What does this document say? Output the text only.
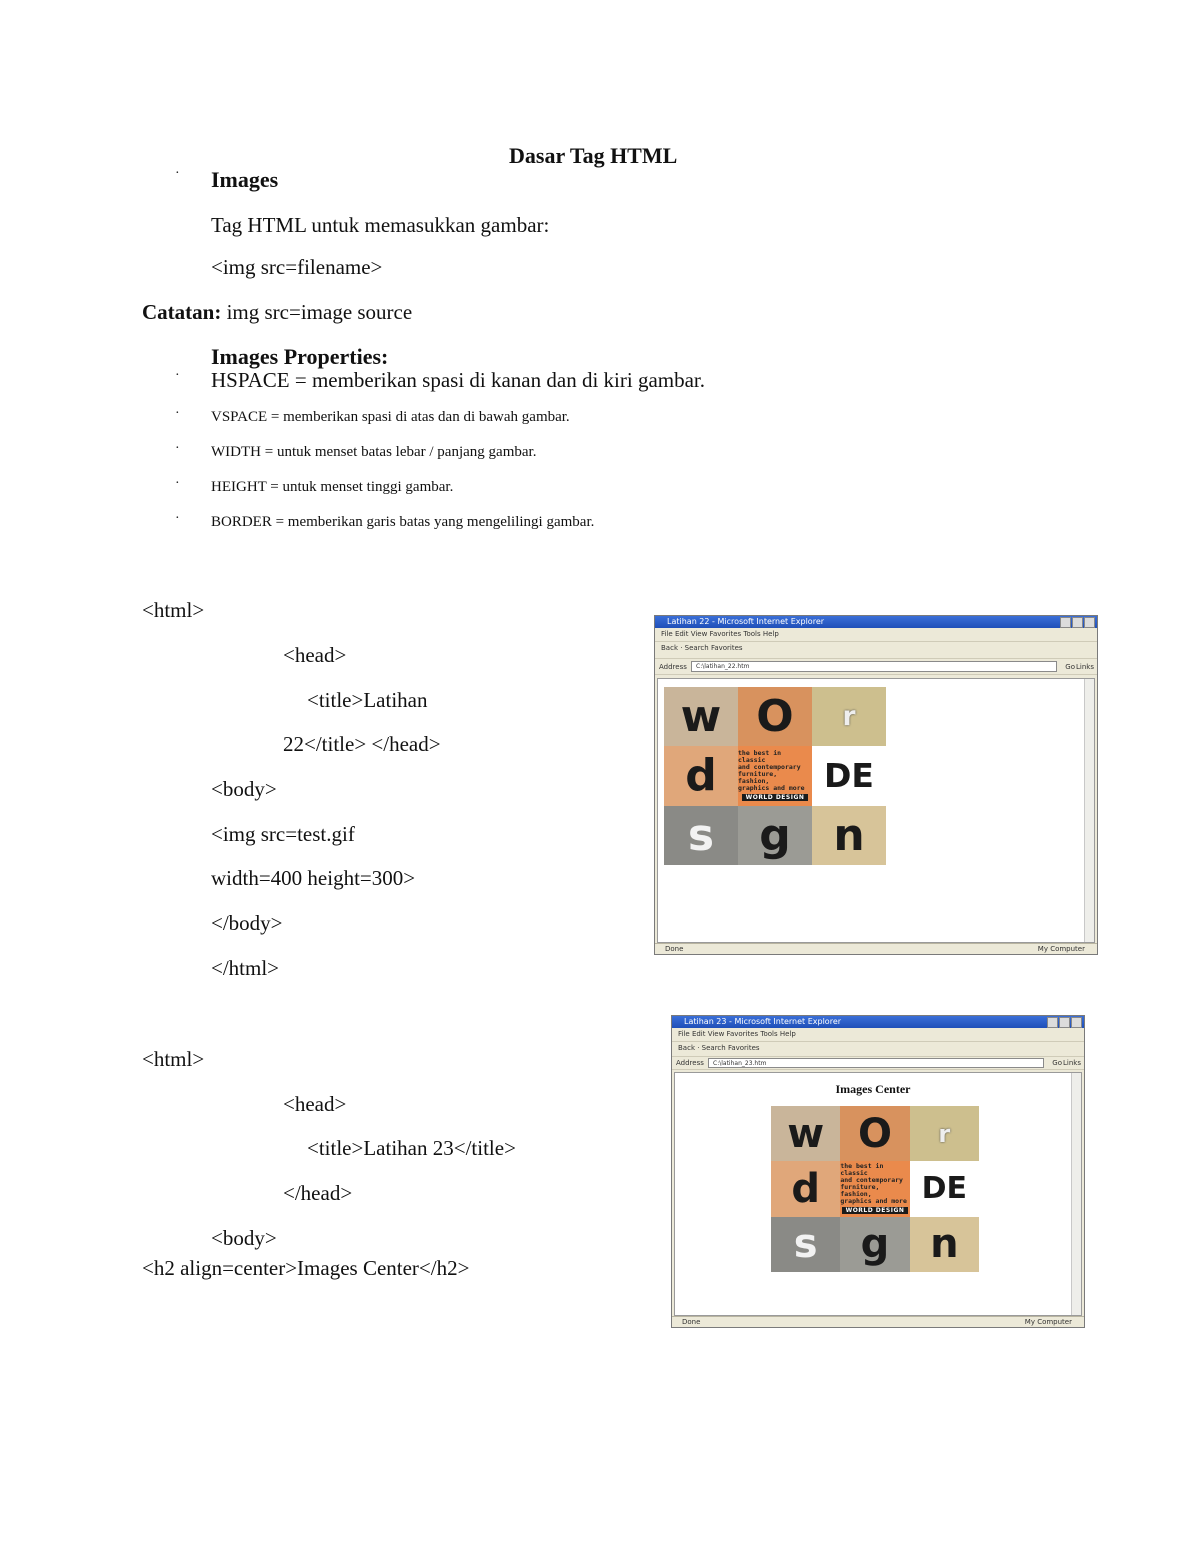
Dasar Tag HTML
· Images
Tag HTML untuk memasukkan gambar:
<img src=filename>
Catatan: img src=image source
Images Properties:
· HSPACE = memberikan spasi di kanan dan di kiri gambar.
· VSPACE = memberikan spasi di atas dan di bawah gambar.
· WIDTH = untuk menset batas lebar / panjang gambar.
· HEIGHT = untuk menset tinggi gambar.
· BORDER = memberikan garis batas yang mengelilingi gambar.
<html>
<head>
<title>Latihan
22</title> </head>
<body>
<img src=test.gif
width=400 height=300>
</body>
</html>
<html>
<head>
<title>Latihan 23</title>
</head>
<body>
<h2 align=center>Images Center</h2>
Latihan 22 - Microsoft Internet Explorer
File Edit View Favorites Tools Help
Back · Search Favorites
Address	C:\latihan_22.htm	Go Links
w O r
d	the best in classic
and contemporary
furniture, fashion,
graphics and more
WORLD DESIGN
DE
s g n
Done	My Computer
Latihan 23 - Microsoft Internet Explorer
File Edit View Favorites Tools Help
Back · Search Favorites
Address	C:\latihan_23.htm	Go Links
Images Center
w O r
d	the best in classic
and contemporary
furniture, fashion,
graphics and more
WORLD DESIGN
DE
s g n
Done	My Computer
